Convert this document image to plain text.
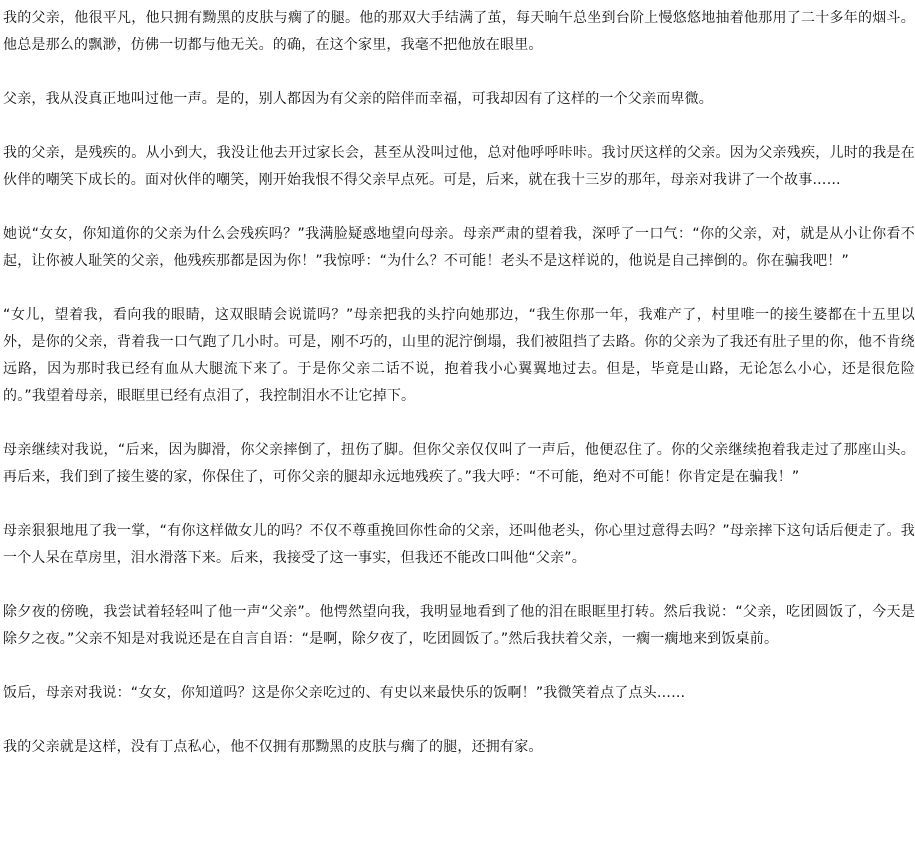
我的父亲，他很平凡，他只拥有黝黑的皮肤与瘸了的腿。他的那双大手结满了茧，每天晌午总坐到台阶上慢悠悠地抽着他那用了二十多年的烟斗。他总是那么的飘渺，仿佛一切都与他无关。的确，在这个家里，我毫不把他放在眼里。

父亲，我从没真正地叫过他一声。是的，别人都因为有父亲的陪伴而幸福，可我却因有了这样的一个父亲而卑微。

我的父亲，是残疾的。从小到大，我没让他去开过家长会，甚至从没叫过他，总对他呼呼咔咔。我讨厌这样的父亲。因为父亲残疾，儿时的我是在伙伴的嘲笑下成长的。面对伙伴的嘲笑，刚开始我恨不得父亲早点死。可是，后来，就在我十三岁的那年，母亲对我讲了一个故事……

她说“女女，你知道你的父亲为什么会残疾吗？”我满脸疑惑地望向母亲。母亲严肃的望着我，深呼了一口气：“你的父亲，对，就是从小让你看不起，让你被人耻笑的父亲，他残疾那都是因为你！”我惊呼：“为什么？不可能！老头不是这样说的，他说是自己摔倒的。你在骗我吧！”

“女儿，望着我，看向我的眼睛，这双眼睛会说谎吗？”母亲把我的头拧向她那边，“我生你那一年，我难产了，村里唯一的接生婆都在十五里以外，是你的父亲，背着我一口气跑了几小时。可是，刚不巧的，山里的泥泞倒塌，我们被阻挡了去路。你的父亲为了我还有肚子里的你，他不肯绕远路，因为那时我已经有血从大腿流下来了。于是你父亲二话不说，抱着我小心翼翼地过去。但是，毕竟是山路，无论怎么小心，还是很危险的。”我望着母亲，眼眶里已经有点泪了，我控制泪水不让它掉下。

母亲继续对我说，“后来，因为脚滑，你父亲摔倒了，扭伤了脚。但你父亲仅仅叫了一声后，他便忍住了。你的父亲继续抱着我走过了那座山头。再后来，我们到了接生婆的家，你保住了，可你父亲的腿却永远地残疾了。”我大呼：“不可能，绝对不可能！你肯定是在骗我！”

母亲狠狠地甩了我一掌，“有你这样做女儿的吗？不仅不尊重挽回你性命的父亲，还叫他老头，你心里过意得去吗？”母亲摔下这句话后便走了。我一个人呆在草房里，泪水滑落下来。后来，我接受了这一事实，但我还不能改口叫他“父亲”。

除夕夜的傍晚，我尝试着轻轻叫了他一声“父亲”。他愕然望向我，我明显地看到了他的泪在眼眶里打转。然后我说：“父亲，吃团圆饭了，今天是除夕之夜。”父亲不知是对我说还是在自言自语：“是啊，除夕夜了，吃团圆饭了。”然后我扶着父亲，一瘸一瘸地来到饭桌前。

饭后，母亲对我说：“女女，你知道吗？这是你父亲吃过的、有史以来最快乐的饭啊！”我微笑着点了点头……

我的父亲就是这样，没有丁点私心，他不仅拥有那黝黑的皮肤与瘸了的腿，还拥有家。
